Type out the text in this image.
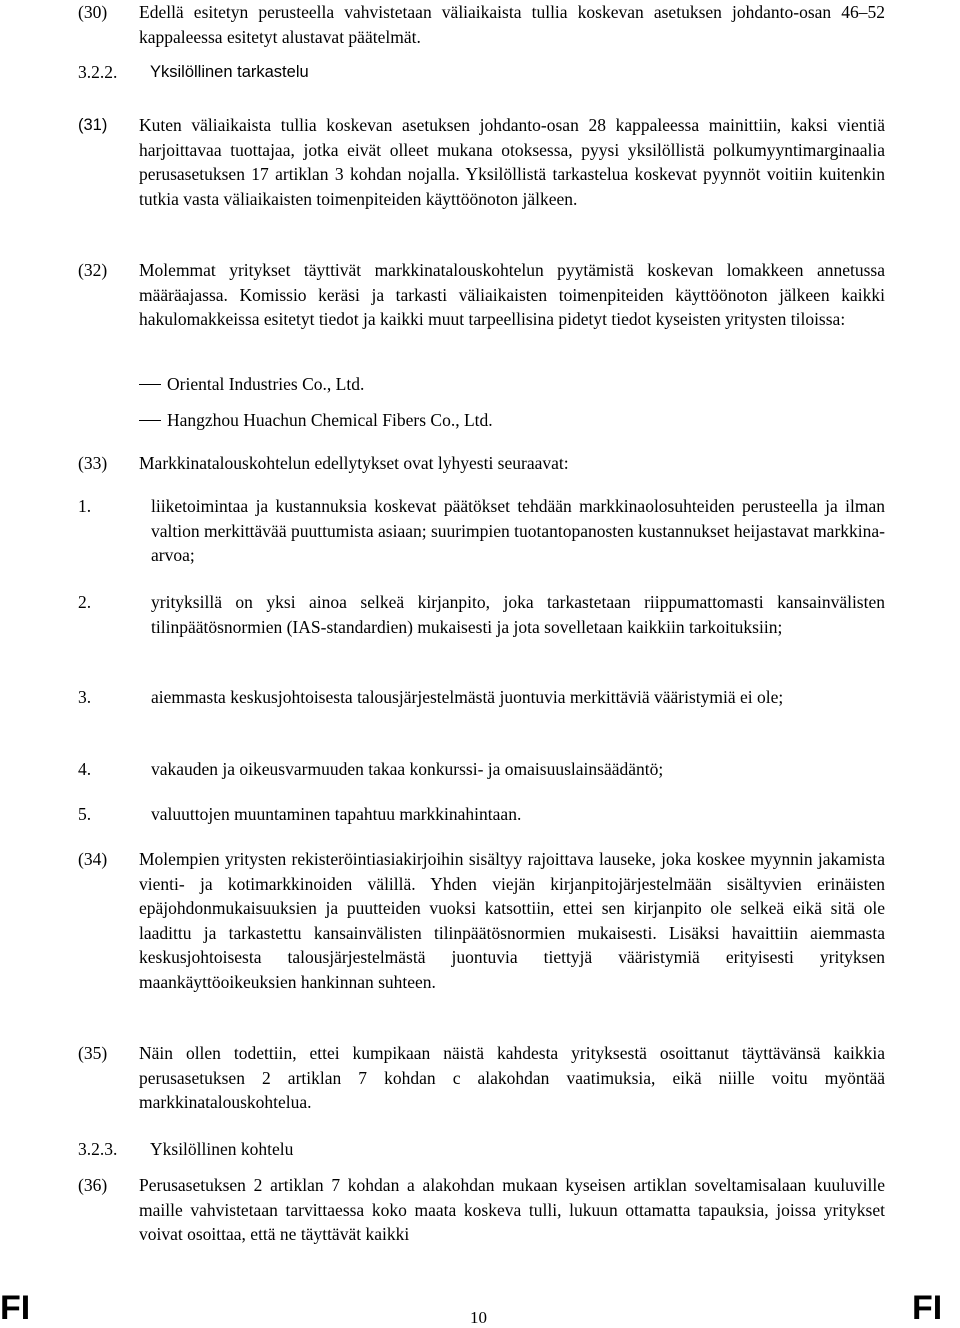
(30) Edellä esitetyn perusteella vahvistetaan väliaikaista tullia koskevan asetuksen johdanto-osan 46–52 kappaleessa esitetyt alustavat päätelmät.
3.2.2. Yksilöllinen tarkastelu
(31) Kuten väliaikaista tullia koskevan asetuksen johdanto-osan 28 kappaleessa mainittiin, kaksi vientiä harjoittavaa tuottajaa, jotka eivät olleet mukana otoksessa, pyysi yksilöllistä polkumyyntimarginaalia perusasetuksen 17 artiklan 3 kohdan nojalla. Yksilöllistä tarkastelua koskevat pyynnöt voitiin kuitenkin tutkia vasta väliaikaisten toimenpiteiden käyttöönoton jälkeen.
(32) Molemmat yritykset täyttivät markkinatalouskohtelun pyytämistä koskevan lomakkeen annetussa määräajassa. Komissio keräsi ja tarkasti väliaikaisten toimenpiteiden käyttöönoton jälkeen kaikki hakulomakkeissa esitetyt tiedot ja kaikki muut tarpeellisina pidetyt tiedot kyseisten yritysten tiloissa:
Oriental Industries Co., Ltd.
Hangzhou Huachun Chemical Fibers Co., Ltd.
(33) Markkinatalouskohtelun edellytykset ovat lyhyesti seuraavat:
1.	liiketoimintaa ja kustannuksia koskevat päätökset tehdään markkinaolosuhteiden perusteella ja ilman valtion merkittävää puuttumista asiaan; suurimpien tuotantopanosten kustannukset heijastavat markkina-arvoa;
2.	yrityksillä on yksi ainoa selkeä kirjanpito, joka tarkastetaan riippumattomasti kansainvälisten tilinpäätösnormien (IAS-standardien) mukaisesti ja jota sovelletaan kaikkiin tarkoituksiin;
3.	aiemmasta keskusjohtoisesta talousjärjestelmästä juontuvia merkittäviä vääristymiä ei ole;
4.	vakauden ja oikeusvarmuuden takaa konkurssi- ja omaisuuslainsäädäntö;
5.	valuuttojen muuntaminen tapahtuu markkinahintaan.
(34) Molempien yritysten rekisteröintiasiakirjoihin sisältyy rajoittava lauseke, joka koskee myynnin jakamista vienti- ja kotimarkkinoiden välillä. Yhden viejän kirjanpitojärjestelmään sisältyvien erinäisten epäjohdonmukaisuuksien ja puutteiden vuoksi katsottiin, ettei sen kirjanpito ole selkeä eikä sitä ole laadittu ja tarkastettu kansainvälisten tilinpäätösnormien mukaisesti. Lisäksi havaittiin aiemmasta keskusjohtoisesta talousjärjestelmästä juontuvia tiettyjä vääristymiä erityisesti yrityksen maankäyttöoikeuksien hankinnan suhteen.
(35) Näin ollen todettiin, ettei kumpikaan näistä kahdesta yrityksestä osoittanut täyttävänsä kaikkia perusasetuksen 2 artiklan 7 kohdan c alakohdan vaatimuksia, eikä niille voitu myöntää markkinatalouskohtelua.
3.2.3. Yksilöllinen kohtelu
(36) Perusasetuksen 2 artiklan 7 kohdan a alakohdan mukaan kyseisen artiklan soveltamisalaan kuuluville maille vahvistetaan tarvittaessa koko maata koskeva tulli, lukuun ottamatta tapauksia, joissa yritykset voivat osoittaa, että ne täyttävät kaikki
FI	10	FI
